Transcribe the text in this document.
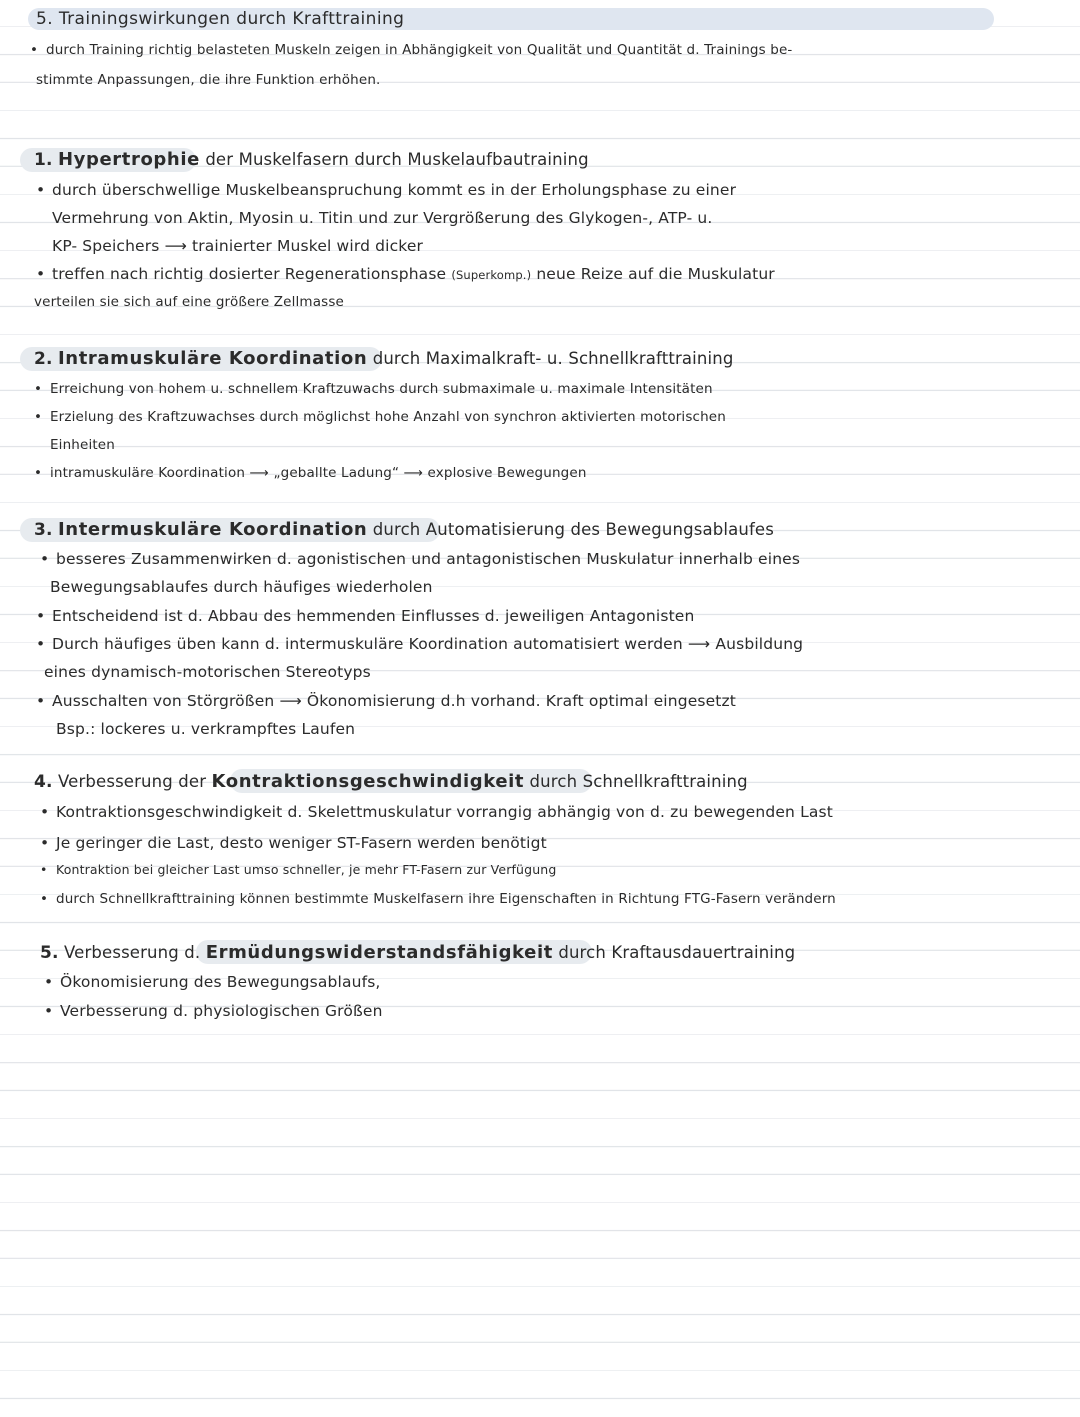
5. Trainingswirkungen durch Krafttraining
• durch Training richtig belasteten Muskeln zeigen in Abhängigkeit von Qualität und Quantität d. Trainings be-
stimmte Anpassungen, die ihre Funktion erhöhen.
1. Hypertrophie der Muskelfasern durch Muskelaufbautraining
• durch überschwellige Muskelbeanspruchung kommt es in der Erholungsphase zu einer
Vermehrung von Aktin, Myosin u. Titin und zur Vergrößerung des Glykogen-, ATP- u.
KP- Speichers ⟶ trainierter Muskel wird dicker
• treffen nach richtig dosierter Regenerationsphase (Superkomp.) neue Reize auf die Muskulatur
verteilen sie sich auf eine größere Zellmasse
2. Intramuskuläre Koordination durch Maximalkraft- u. Schnellkrafttraining
• Erreichung von hohem u. schnellem Kraftzuwachs durch submaximale u. maximale Intensitäten
• Erzielung des Kraftzuwachses durch möglichst hohe Anzahl von synchron aktivierten motorischen
Einheiten
• intramuskuläre Koordination ⟶ „geballte Ladung“ ⟶ explosive Bewegungen
3. Intermuskuläre Koordination durch Automatisierung des Bewegungsablaufes
• besseres Zusammenwirken d. agonistischen und antagonistischen Muskulatur innerhalb eines
Bewegungsablaufes durch häufiges wiederholen
• Entscheidend ist d. Abbau des hemmenden Einflusses d. jeweiligen Antagonisten
• Durch häufiges üben kann d. intermuskuläre Koordination automatisiert werden ⟶ Ausbildung
eines dynamisch-motorischen Stereotyps
• Ausschalten von Störgrößen ⟶ Ökonomisierung d.h vorhand. Kraft optimal eingesetzt
Bsp.: lockeres u. verkrampftes Laufen
4. Verbesserung der Kontraktionsgeschwindigkeit durch Schnellkrafttraining
• Kontraktionsgeschwindigkeit d. Skelettmuskulatur vorrangig abhängig von d. zu bewegenden Last
• Je geringer die Last, desto weniger ST-Fasern werden benötigt
• Kontraktion bei gleicher Last umso schneller, je mehr FT-Fasern zur Verfügung
• durch Schnellkrafttraining können bestimmte Muskelfasern ihre Eigenschaften in Richtung FTG-Fasern verändern
5. Verbesserung d. Ermüdungswiderstandsfähigkeit durch Kraftausdauertraining
• Ökonomisierung des Bewegungsablaufs,
• Verbesserung d. physiologischen Größen
